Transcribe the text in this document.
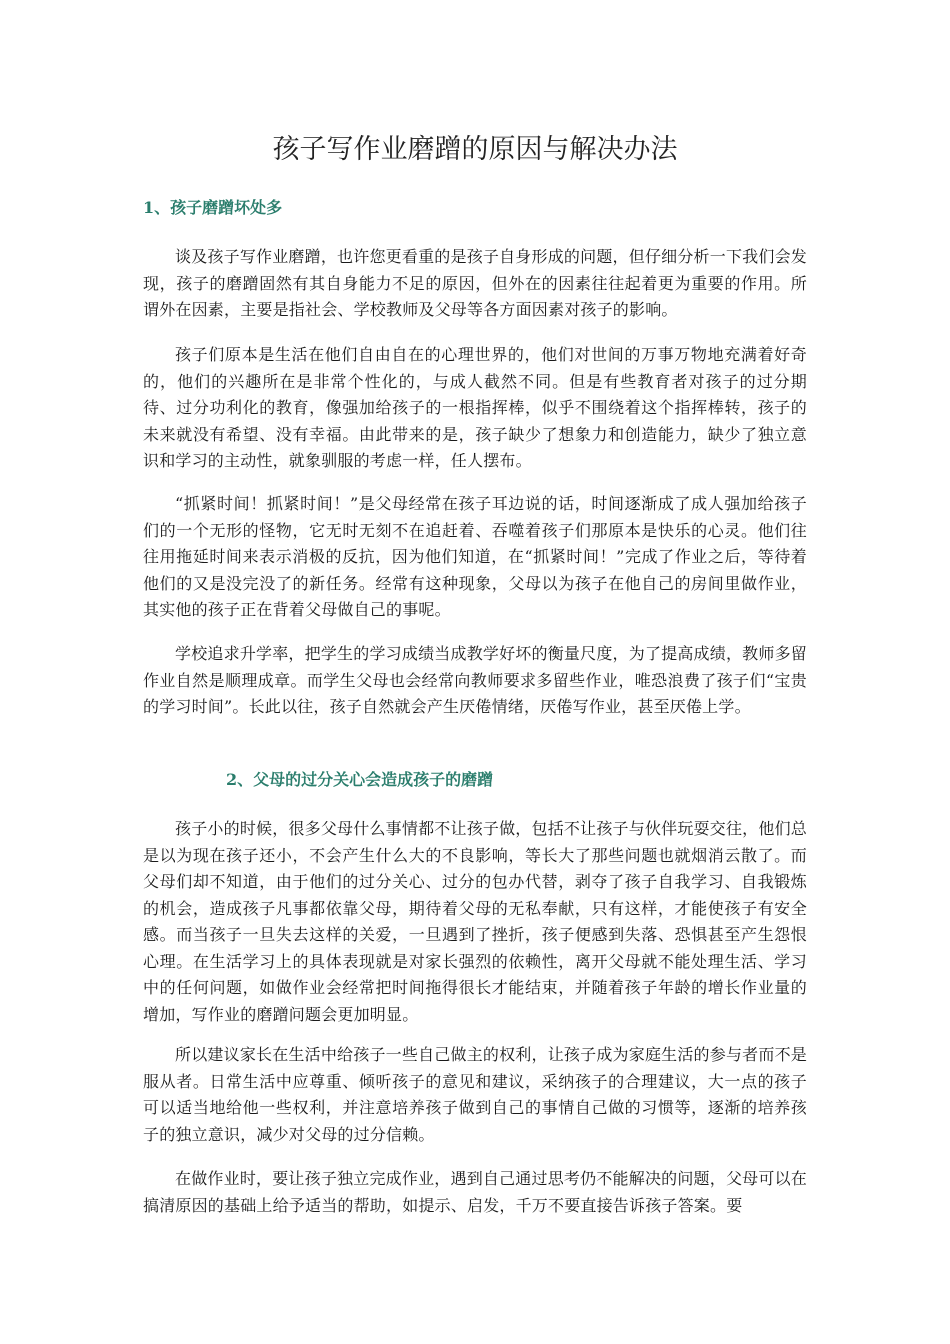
孩子写作业磨蹭的原因与解决办法
1、孩子磨蹭坏处多

谈及孩子写作业磨蹭，也许您更看重的是孩子自身形成的问题，但仔细分析一下我们会发现，孩子的磨蹭固然有其自身能力不足的原因，但外在的因素往往起着更为重要的作用。所谓外在因素，主要是指社会、学校教师及父母等各方面因素对孩子的影响。

孩子们原本是生活在他们自由自在的心理世界的，他们对世间的万事万物地充满着好奇的，他们的兴趣所在是非常个性化的，与成人截然不同。但是有些教育者对孩子的过分期待、过分功利化的教育，像强加给孩子的一根指挥棒，似乎不围绕着这个指挥棒转，孩子的未来就没有希望、没有幸福。由此带来的是，孩子缺少了想象力和创造能力，缺少了独立意识和学习的主动性，就象驯服的考虑一样，任人摆布。

“抓紧时间！抓紧时间！”是父母经常在孩子耳边说的话，时间逐渐成了成人强加给孩子们的一个无形的怪物，它无时无刻不在追赶着、吞噬着孩子们那原本是快乐的心灵。他们往往用拖延时间来表示消极的反抗，因为他们知道，在“抓紧时间！”完成了作业之后，等待着他们的又是没完没了的新任务。经常有这种现象，父母以为孩子在他自己的房间里做作业，其实他的孩子正在背着父母做自己的事呢。

学校追求升学率，把学生的学习成绩当成教学好坏的衡量尺度，为了提高成绩，教师多留作业自然是顺理成章。而学生父母也会经常向教师要求多留些作业，唯恐浪费了孩子们“宝贵的学习时间”。长此以往，孩子自然就会产生厌倦情绪，厌倦写作业，甚至厌倦上学。

2、父母的过分关心会造成孩子的磨蹭

孩子小的时候，很多父母什么事情都不让孩子做，包括不让孩子与伙伴玩耍交往，他们总是以为现在孩子还小，不会产生什么大的不良影响，等长大了那些问题也就烟消云散了。而父母们却不知道，由于他们的过分关心、过分的包办代替，剥夺了孩子自我学习、自我锻炼的机会，造成孩子凡事都依靠父母，期待着父母的无私奉献，只有这样，才能使孩子有安全感。而当孩子一旦失去这样的关爱，一旦遇到了挫折，孩子便感到失落、恐惧甚至产生怨恨心理。在生活学习上的具体表现就是对家长强烈的依赖性，离开父母就不能处理生活、学习中的任何问题，如做作业会经常把时间拖得很长才能结束，并随着孩子年龄的增长作业量的增加，写作业的磨蹭问题会更加明显。

所以建议家长在生活中给孩子一些自己做主的权利，让孩子成为家庭生活的参与者而不是服从者。日常生活中应尊重、倾听孩子的意见和建议，采纳孩子的合理建议，大一点的孩子可以适当地给他一些权利，并注意培养孩子做到自己的事情自己做的习惯等，逐渐的培养孩子的独立意识，减少对父母的过分信赖。

在做作业时，要让孩子独立完成作业，遇到自己通过思考仍不能解决的问题，父母可以在搞清原因的基础上给予适当的帮助，如提示、启发，千万不要直接告诉孩子答案。要
